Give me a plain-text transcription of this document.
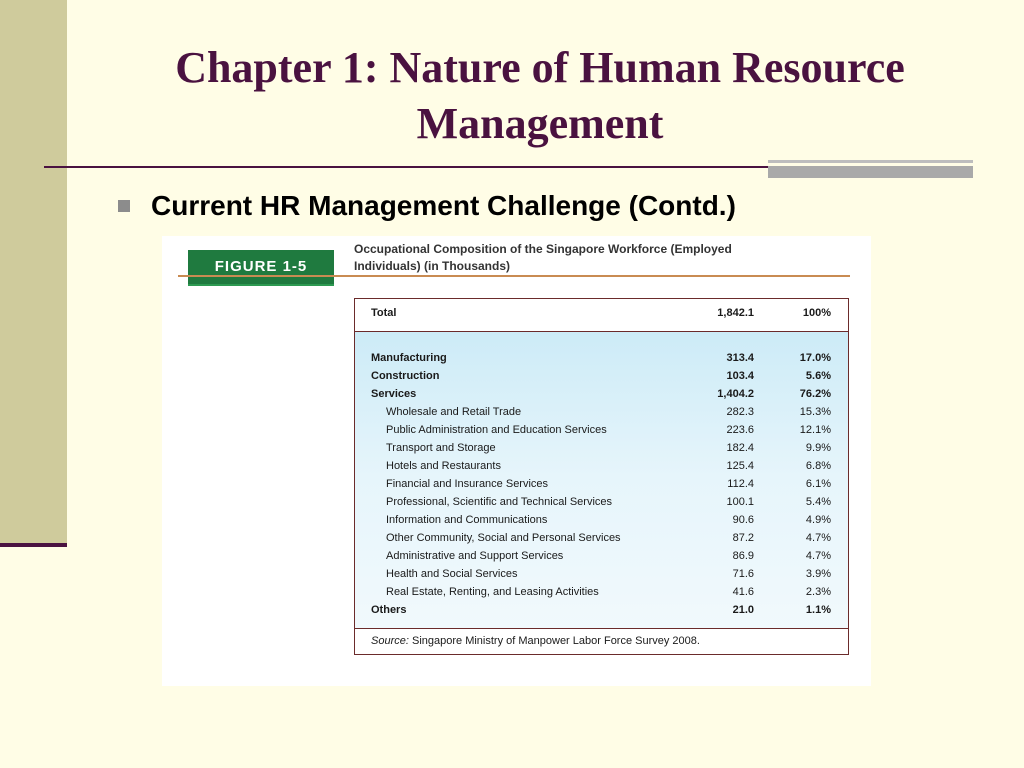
Chapter 1: Nature of Human Resource
Management
Current HR Management Challenge (Contd.)
FIGURE 1-5
Occupational Composition of the Singapore Workforce (Employed
Individuals) (in Thousands)
Total	1,842.1	100%
Manufacturing	313.4	17.0%
Construction	103.4	5.6%
Services	1,404.2	76.2%
Wholesale and Retail Trade	282.3	15.3%
Public Administration and Education Services	223.6	12.1%
Transport and Storage	182.4	9.9%
Hotels and Restaurants	125.4	6.8%
Financial and Insurance Services	112.4	6.1%
Professional, Scientific and Technical Services	100.1	5.4%
Information and Communications	90.6	4.9%
Other Community, Social and Personal Services	87.2	4.7%
Administrative and Support Services	86.9	4.7%
Health and Social Services	71.6	3.9%
Real Estate, Renting, and Leasing Activities	41.6	2.3%
Others	21.0	1.1%
Source: Singapore Ministry of Manpower Labor Force Survey 2008.
